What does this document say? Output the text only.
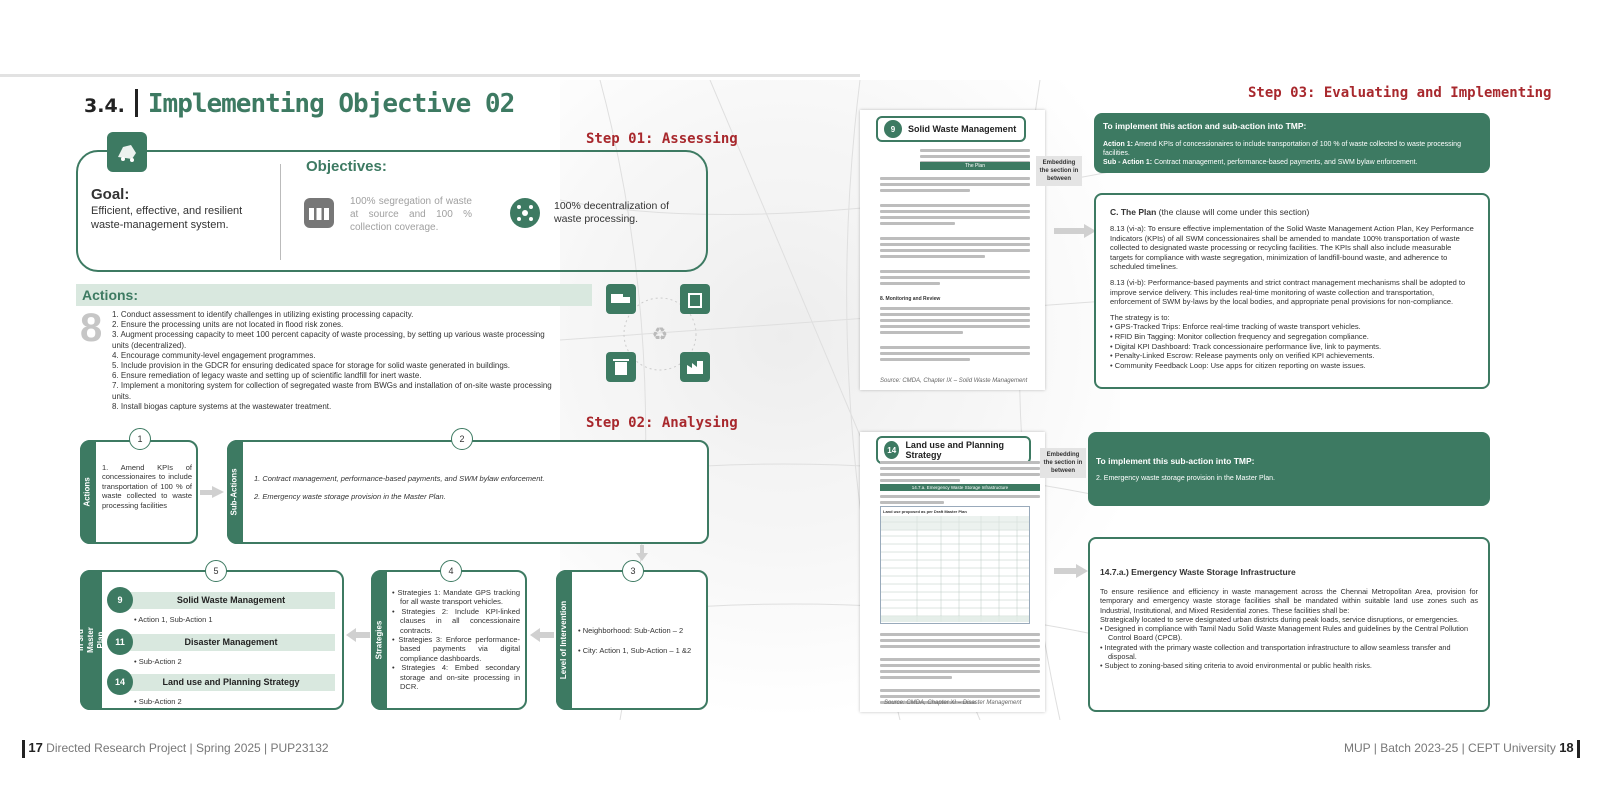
3.4. Implementing Objective 02
Step 01: Assessing
Goal:
Efficient, effective, and resilient waste-management system.
Objectives:
100% segregation of waste at source and 100 % collection coverage.
100% decentralization of waste processing.
Actions:
8 1. Conduct assessment to identify challenges in utilizing existing processing capacity.
2. Ensure the processing units are not located in flood risk zones.
3. Augment processing capacity to meet 100 percent capacity of waste processing, by setting up various waste processing units (decentralized).
4. Encourage community-level engagement programmes.
5. Include provision in the GDCR for ensuring dedicated space for storage for solid waste generated in buildings.
6. Ensure remediation of legacy waste and setting up of scientific landfill for inert waste.
7. Implement a monitoring system for collection of segregated waste from BWGs and installation of on-site waste processing units.
8. Install biogas capture systems at the wastewater treatment.
♻
Step 02: Analysing
Actions
1
1. Amend KPIs of concessionaires to include transportation of 100 % of waste collected to waste processing facilities	Sub-Actions
2
1. Contract management, performance-based payments, and SWM bylaw enforcement.
2. Emergency waste storage provision in the Master Plan.
Level of Intervention
3
• Neighborhood: Sub-Action – 2
• City: Action 1, Sub-Action – 1 &2
Strategies
4
• Strategies 1: Mandate GPS tracking for all waste transport vehicles.
• Strategies 2: Include KPI-linked clauses in all concessionaire contracts.
• Strategies 3: Enforce performance-based payments via digital compliance dashboards.
• Strategies 4: Embed secondary storage and on-site processing in DCR.
Embedding in 3rd Master Plan
5
9	Solid Waste Management
• Action 1, Sub-Action 1
11	Disaster Management
• Sub-Action 2
14	Land use and Planning Strategy
• Sub-Action 2
9	Solid Waste Management
The Plan
8. Monitoring and Review
Source: CMDA, Chapter IX – Solid Waste Management
Embedding the section in between
14	Land use and Planning Strategy
14.7.a. Emergency Waste Storage Infrastructure
Land use proposed as per Draft Master Plan
Source: CMDA, Chapter XI – Disaster Management
Embedding the section in between
Step 03: Evaluating and Implementing
To implement this action and sub-action into TMP:
Action 1: Amend KPIs of concessionaires to include transportation of 100 % of waste collected to waste processing facilities.
Sub - Action 1: Contract management, performance-based payments, and SWM bylaw enforcement.
C. The Plan (the clause will come under this section)
8.13 (vi-a): To ensure effective implementation of the Solid Waste Management Action Plan, Key Performance Indicators (KPIs) of all SWM concessionaires shall be amended to mandate 100% transportation of waste collected to designated waste processing or recycling facilities. The KPIs shall also include measurable targets for compliance with waste segregation, minimization of landfill-bound waste, and adherence to scheduled timelines.
8.13 (vi-b): Performance-based payments and strict contract management mechanisms shall be adopted to improve service delivery. This includes real-time monitoring of waste collection and transportation, enforcement of SWM by-laws by the local bodies, and appropriate penal provisions for non-compliance.
The strategy is to:
• GPS-Tracked Trips: Enforce real-time tracking of waste transport vehicles.
• RFID Bin Tagging: Monitor collection frequency and segregation compliance.
• Digital KPI Dashboard: Track concessionaire performance live, link to payments.
• Penalty-Linked Escrow: Release payments only on verified KPI achievements.
• Community Feedback Loop: Use apps for citizen reporting on waste issues.
To implement this sub-action into TMP:
2. Emergency waste storage provision in the Master Plan.
14.7.a.) Emergency Waste Storage Infrastructure
To ensure resilience and efficiency in waste management across the Chennai Metropolitan Area, provision for temporary and emergency waste storage facilities shall be mandated within suitable land use zones such as Industrial, Institutional, and Mixed Residential zones. These facilities shall be:
Strategically located to serve designated urban districts during peak loads, service disruptions, or emergencies.
• Designed in compliance with Tamil Nadu Solid Waste Management Rules and guidelines by the Central Pollution Control Board (CPCB).
• Integrated with the primary waste collection and transportation infrastructure to allow seamless transfer and disposal.
• Subject to zoning-based siting criteria to avoid environmental or public health risks.
17 Directed Research Project | Spring 2025 | PUP23132	MUP | Batch 2023-25 | CEPT University 18
